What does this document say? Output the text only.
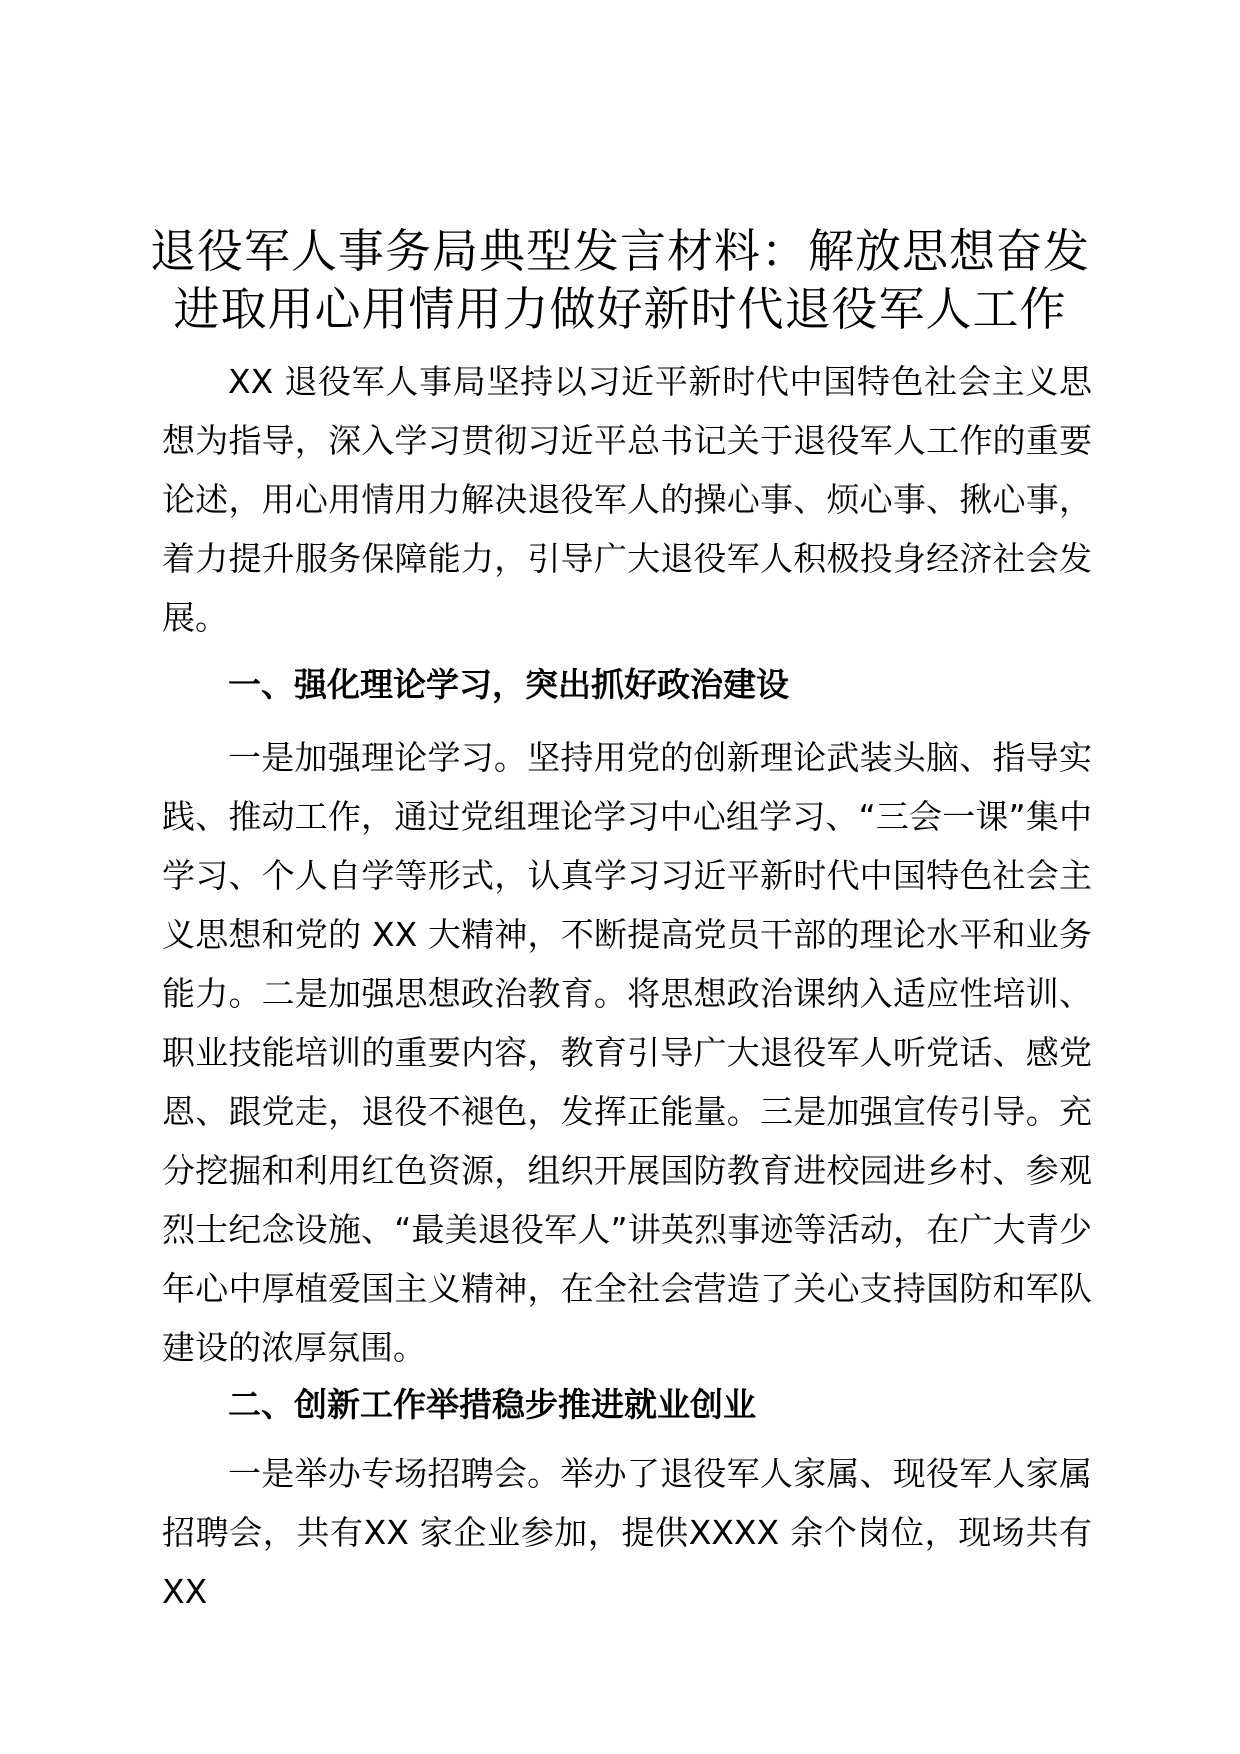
退役军人事务局典型发言材料：解放思想奋发
进取用心用情用力做好新时代退役军人工作

XX 退役军人事局坚持以习近平新时代中国特色社会主义思想为指导，深入学习贯彻习近平总书记关于退役军人工作的重要论述，用心用情用力解决退役军人的操心事、烦心事、揪心事，着力提升服务保障能力，引导广大退役军人积极投身经济社会发展。

一、强化理论学习，突出抓好政治建设

一是加强理论学习。坚持用党的创新理论武装头脑、指导实践、推动工作，通过党组理论学习中心组学习、“三会一课”集中学习、个人自学等形式，认真学习习近平新时代中国特色社会主义思想和党的 XX 大精神，不断提高党员干部的理论水平和业务能力。二是加强思想政治教育。将思想政治课纳入适应性培训、职业技能培训的重要内容，教育引导广大退役军人听党话、感党恩、跟党走，退役不褪色，发挥正能量。三是加强宣传引导。充分挖掘和利用红色资源，组织开展国防教育进校园进乡村、参观烈士纪念设施、“最美退役军人”讲英烈事迹等活动，在广大青少年心中厚植爱国主义精神，在全社会营造了关心支持国防和军队建设的浓厚氛围。

二、创新工作举措稳步推进就业创业

一是举办专场招聘会。举办了退役军人家属、现役军人家属招聘会，共有XX 家企业参加，提供XXXX 余个岗位，现场共有XX
